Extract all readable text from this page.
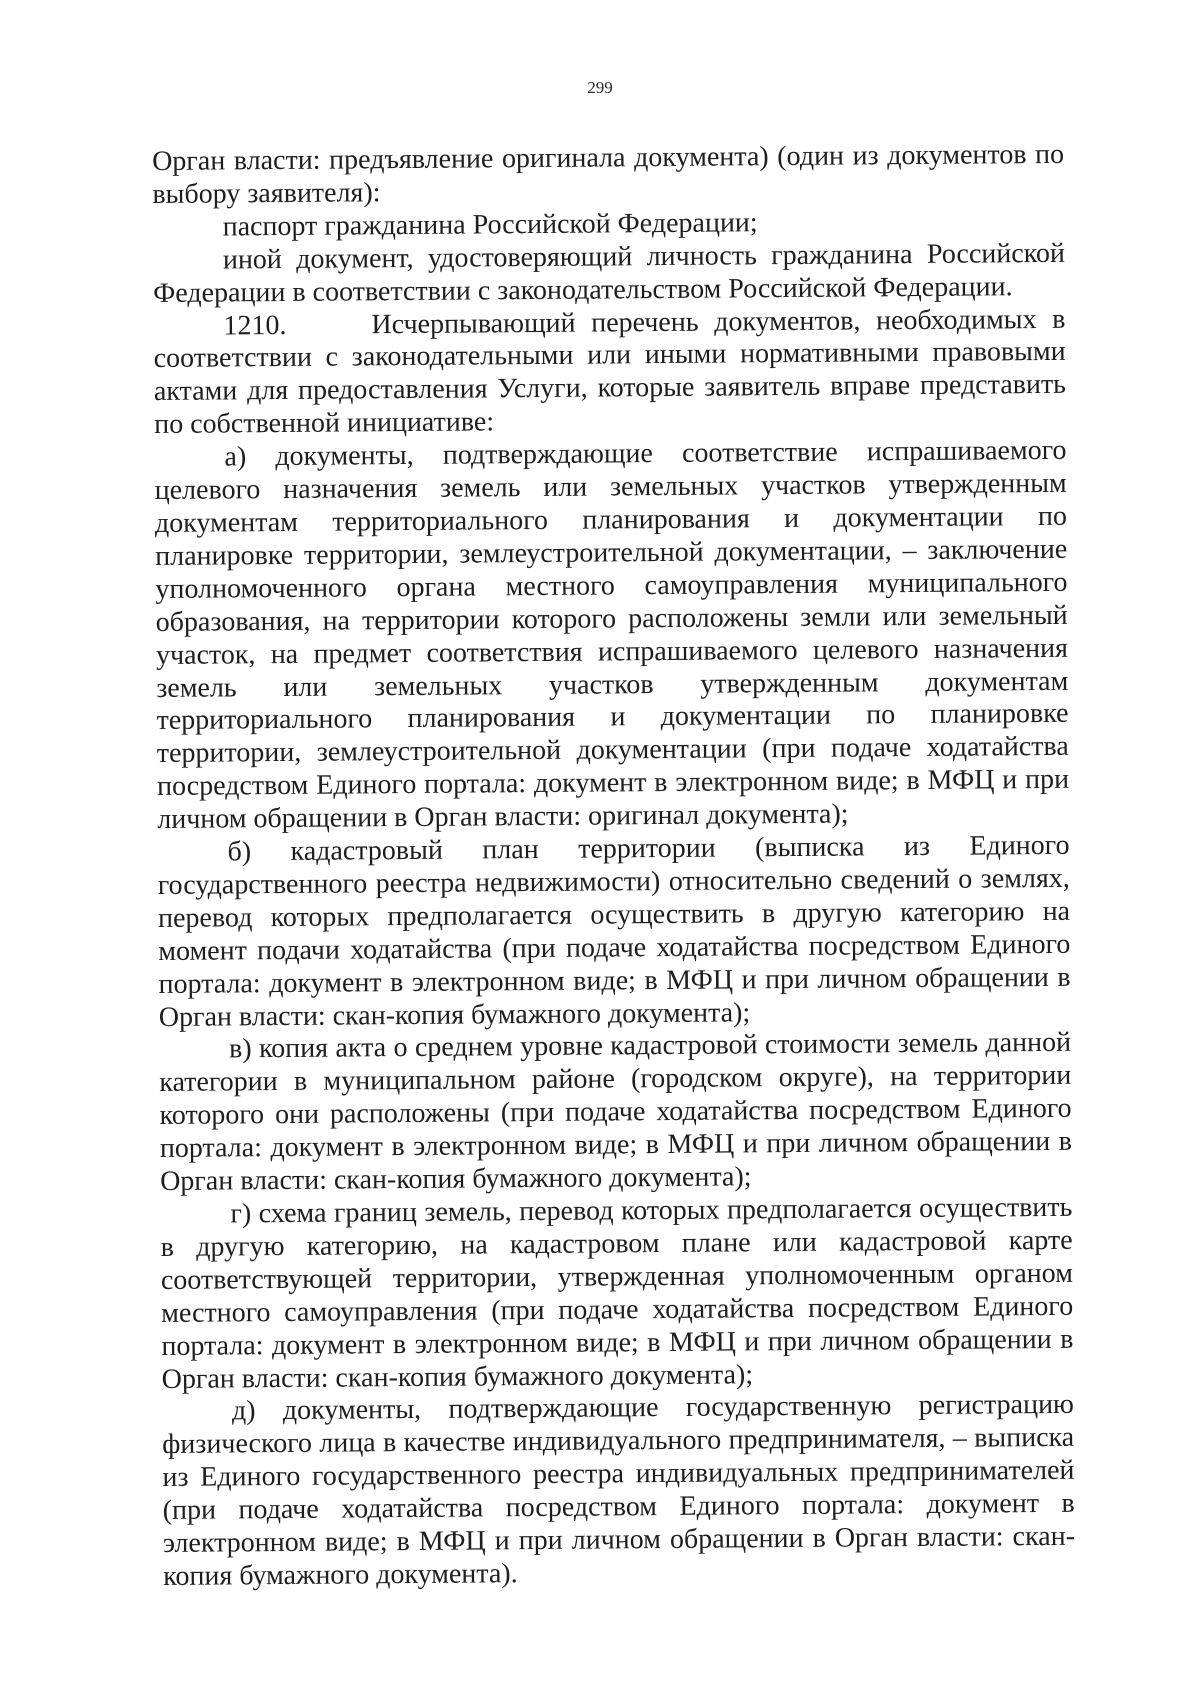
299

Орган власти: предъявление оригинала документа) (один из документов по выбору заявителя):

паспорт гражданина Российской Федерации;

иной документ, удостоверяющий личность гражданина Российской Федерации в соответствии с законодательством Российской Федерации.

1210.	Исчерпывающий перечень документов, необходимых в соответствии с законодательными или иными нормативными правовыми актами для предоставления Услуги, которые заявитель вправе представить по собственной инициативе:

а) документы, подтверждающие соответствие испрашиваемого целевого назначения земель или земельных участков утвержденным документам территориального планирования и документации по планировке территории, землеустроительной документации, – заключение уполномоченного органа местного самоуправления муниципального образования, на территории которого расположены земли или земельный участок, на предмет соответствия испрашиваемого целевого назначения земель или земельных участков утвержденным документам территориального планирования и документации по планировке территории, землеустроительной документации (при подаче ходатайства посредством Единого портала: документ в электронном виде; в МФЦ и при личном обращении в Орган власти: оригинал документа);

б) кадастровый план территории (выписка из Единого государственного реестра недвижимости) относительно сведений о землях, перевод которых предполагается осуществить в другую категорию на момент подачи ходатайства (при подаче ходатайства посредством Единого портала: документ в электронном виде; в МФЦ и при личном обращении в Орган власти: скан-копия бумажного документа);

в) копия акта о среднем уровне кадастровой стоимости земель данной категории в муниципальном районе (городском округе), на территории которого они расположены (при подаче ходатайства посредством Единого портала: документ в электронном виде; в МФЦ и при личном обращении в Орган власти: скан-копия бумажного документа);

г) схема границ земель, перевод которых предполагается осуществить в другую категорию, на кадастровом плане или кадастровой карте соответствующей территории, утвержденная уполномоченным органом местного самоуправления (при подаче ходатайства посредством Единого портала: документ в электронном виде; в МФЦ и при личном обращении в Орган власти: скан-копия бумажного документа);

д) документы, подтверждающие государственную регистрацию физического лица в качестве индивидуального предпринимателя, – выписка из Единого государственного реестра индивидуальных предпринимателей (при подаче ходатайства посредством Единого портала: документ в электронном виде; в МФЦ и при личном обращении в Орган власти: скан-копия бумажного документа).
